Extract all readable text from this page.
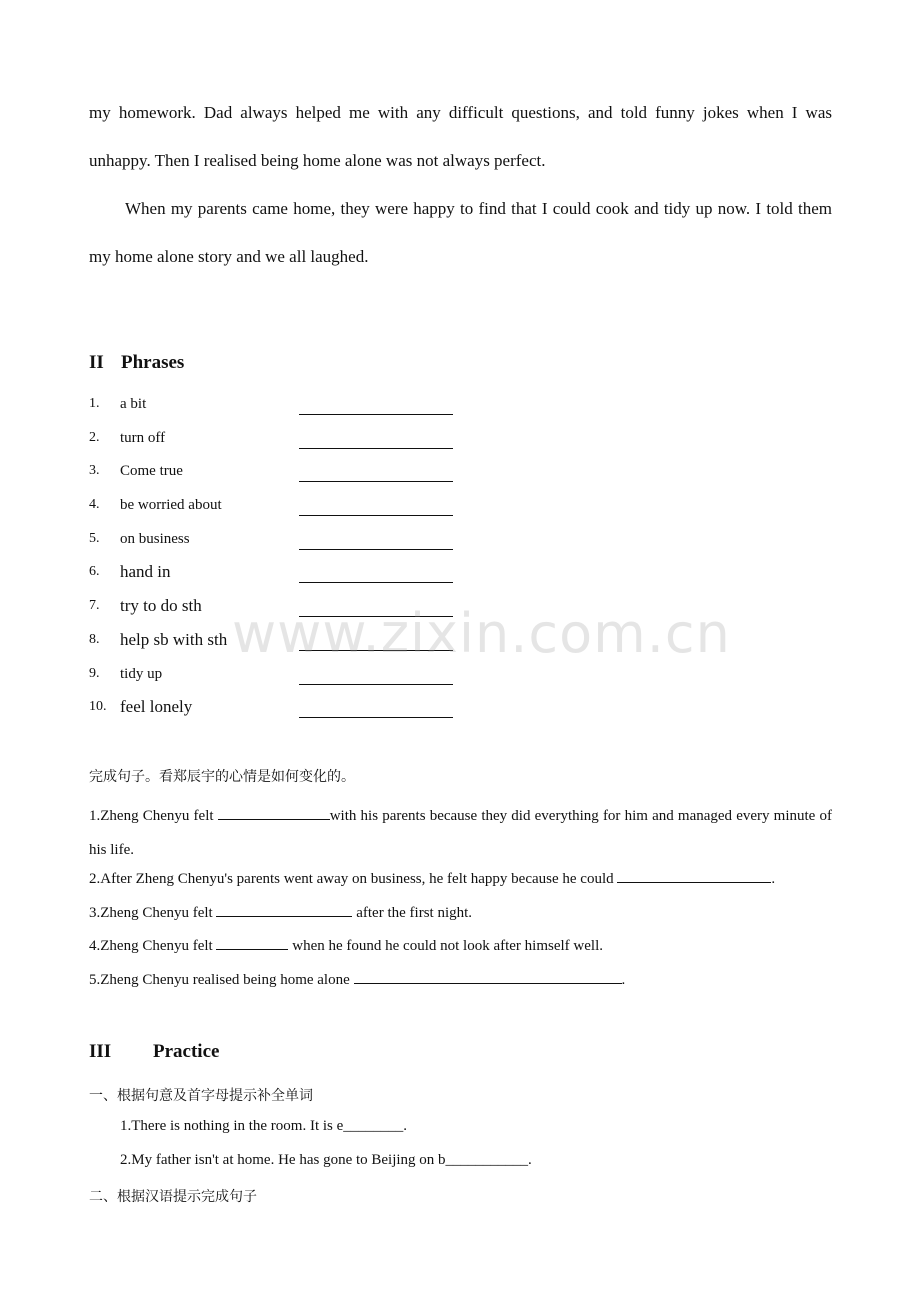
my homework. Dad always helped me with any difficult questions, and told funny jokes when I was unhappy. Then I realised being home alone was not always perfect.

When my parents came home, they were happy to find that I could cook and tidy up now. I told them my home alone story and we all laughed.

II Phrases
1.	a bit
2.	turn off
3.	Come true
4.	be worried about
5.	on business
6.	hand in
7.	try to do sth
8.	help sb with sth
9.	tidy up
10. feel lonely

完成句子。看郑辰宇的心情是如何变化的。

1.Zheng Chenyu felt	with his parents because they did everything for him and managed every minute of his life.

2.After Zheng Chenyu's parents went away on business, he felt happy because he could	.

3.Zheng Chenyu felt	after the first night.

4.Zheng Chenyu felt	when he found he could not look after himself well.

5.Zheng Chenyu realised being home alone	.

III Practice

一、根据句意及首字母提示补全单词

1.There is nothing in the room. It is e________.

2.My father isn't at home. He has gone to Beijing on b___________.

二、根据汉语提示完成句子

www.zixin.com.cn
